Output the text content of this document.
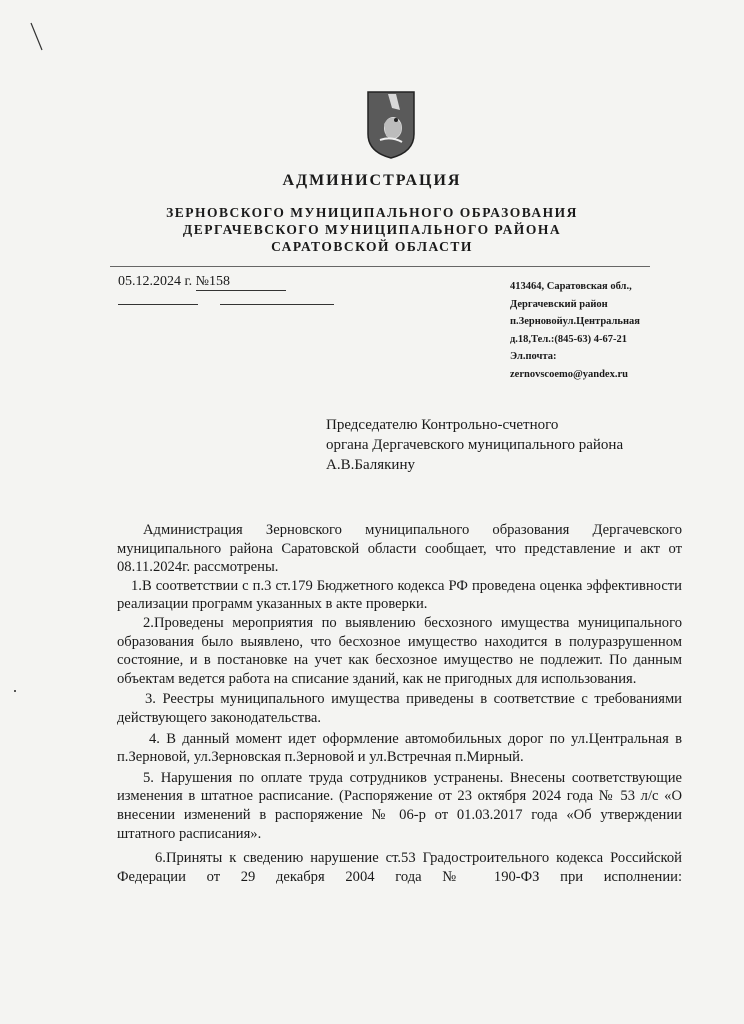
АДМИНИСТРАЦИЯ
ЗЕРНОВСКОГО МУНИЦИПАЛЬНОГО ОБРАЗОВАНИЯ
ДЕРГАЧЕВСКОГО МУНИЦИПАЛЬНОГО РАЙОНА
САРАТОВСКОЙ ОБЛАСТИ
05.12.2024 г. №158
	413464, Саратовская обл.,
Дергачевский район
п.Зерновойул.Центральная
д.18,Тел.:(845-63) 4-67-21
Эл.почта:
zernovscoemo@yandex.ru
Председателю Контрольно-счетного
органа Дергачевского муниципального района
А.В.Балякину

Администрация Зерновского муниципального образования Дергачевского муниципального района Саратовской области сообщает, что представление и акт от 08.11.2024г. рассмотрены.

1.В соответствии с п.3 ст.179 Бюджетного кодекса РФ проведена оценка эффективности реализации программ указанных в акте проверки.

2.Проведены мероприятия по выявлению бесхозного имущества муниципального образования было выявлено, что бесхозное имущество находится в полуразрушенном состояние, и в постановке на учет как бесхозное имущество не подлежит. По данным объектам ведется работа на списание зданий, как не пригодных для использования.

3. Реестры муниципального имущества приведены в соответствие с требованиями действующего законодательства.

4. В данный момент идет оформление автомобильных дорог по ул.Центральная в п.Зерновой, ул.Зерновская п.Зерновой и ул.Встречная п.Мирный.

5. Нарушения по оплате труда сотрудников устранены. Внесены соответствующие изменения в штатное расписание. (Распоряжение от 23 октября 2024 года № 53 л/с «О внесении изменений в распоряжение № 06-р от 01.03.2017 года «Об утверждении штатного расписания».

6.Приняты к сведению нарушение ст.53 Градостроительного кодекса Российской Федерации от 29 декабря 2004 года № 190-ФЗ при исполнении:
